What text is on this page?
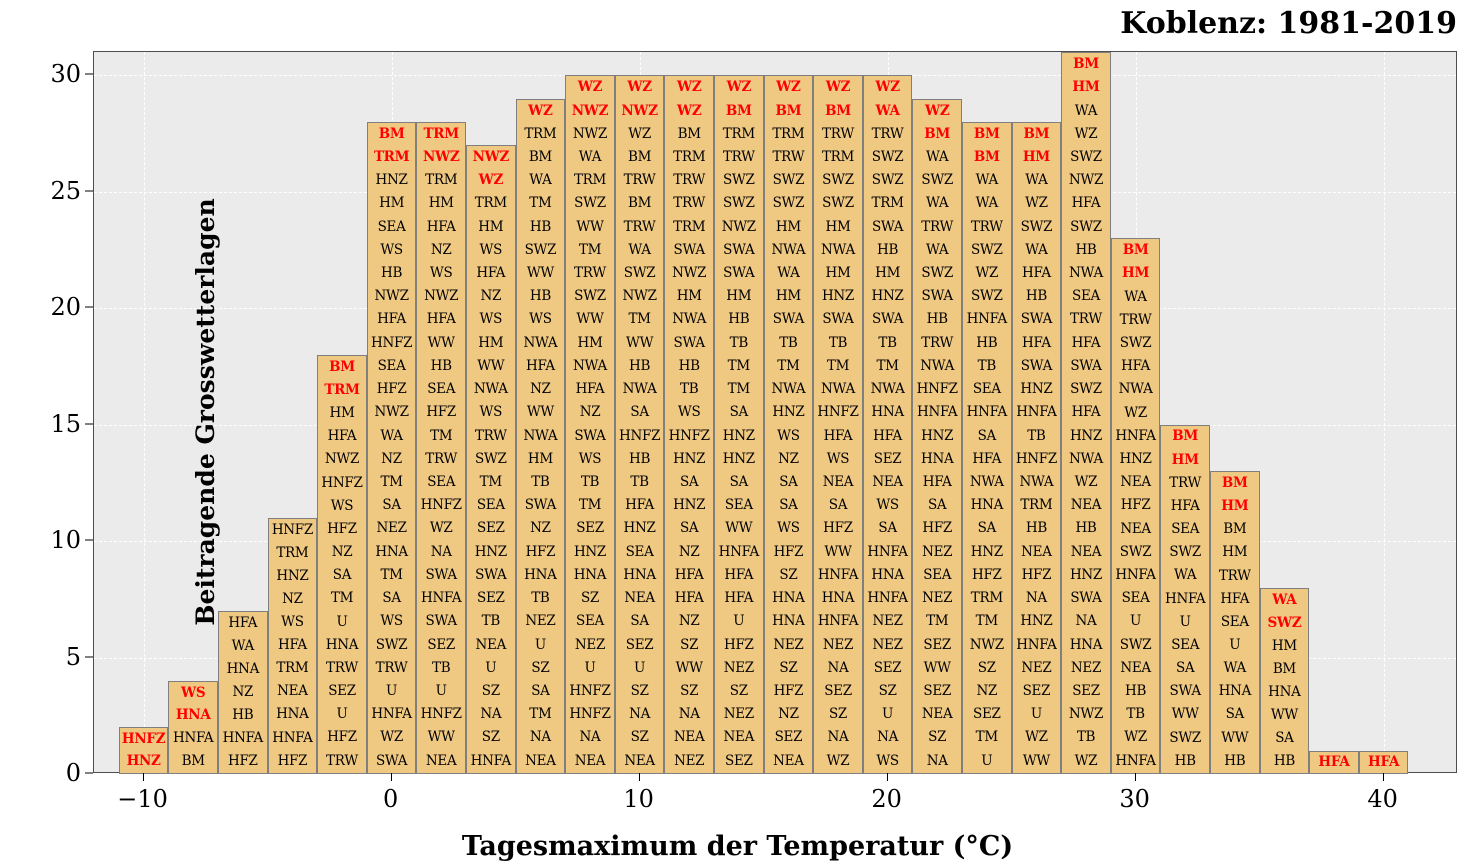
Koblenz: 1981-2019
HNZ
HNFZ
BM
HNFA
HNA
WS
HFZ
HNFA
HB
NZ
HNA
WA
HFA
HFZ
HNFA
HNA
NEA
TRM
HFA
WS
NZ
HNZ
TRM
HNFZ
TRW
HFZ
U
SEZ
TRW
HNA
U
TM
SA
NZ
HFZ
WS
HNFZ
NWZ
HFA
HM
TRM
BM
SWA
WZ
HNFA
U
TRW
SWZ
WS
SA
TM
HNA
NEZ
SA
TM
NZ
WA
NWZ
HFZ
SEA
HNFZ
HFA
NWZ
HB
WS
SEA
HM
HNZ
TRM
BM
NEA
WW
HNFZ
U
TB
SEZ
SWA
HNFA
SWA
NA
WZ
HNFZ
SEA
TRW
TM
HFZ
SEA
HB
WW
HFA
NWZ
WS
NZ
HFA
HM
TRM
NWZ
TRM
HNFA
SZ
NA
SZ
U
NEA
TB
SEZ
SWA
HNZ
SEZ
SEA
TM
SWZ
TRW
WS
NWA
WW
HM
WS
NZ
HFA
WS
HM
TRM
WZ
NWZ
NEA
NA
TM
SA
SZ
U
NEZ
TB
HNA
HFZ
NZ
SWA
TB
HM
NWA
WW
NZ
HFA
NWA
WS
HB
WW
SWZ
HB
TM
WA
BM
TRM
WZ
NEA
NA
HNFZ
HNFZ
U
NEZ
SEA
SZ
HNA
HNZ
SEZ
TM
TB
WS
SWA
NZ
HFA
NWA
HM
WW
SWZ
TRW
TM
WW
SWZ
TRM
WA
NWZ
NWZ
WZ
NEA
SZ
NA
SZ
U
SEZ
SA
NEA
HNA
SEA
HNZ
HFA
TB
HB
HNFZ
SA
NWA
HB
WW
TM
NWZ
SWZ
WA
TRW
BM
TRW
BM
WZ
NWZ
WZ
NEZ
NEA
NA
SZ
WW
SZ
NZ
HFA
HFA
NZ
SA
HNZ
SA
HNZ
HNFZ
WS
TB
HB
SWA
NWA
HM
NWZ
SWA
TRM
TRW
TRW
TRM
BM
WZ
WZ
SEZ
NEA
NEZ
SZ
NEZ
HFZ
U
HFA
HFA
HNFA
WW
SEA
SA
HNZ
HNZ
SA
TM
TM
TB
HB
HM
SWA
SWA
NWZ
SWZ
SWZ
TRW
TRM
BM
WZ
NEA
SEZ
NZ
HFZ
SZ
NEZ
HNA
HNA
SZ
HFZ
WS
SA
SA
NZ
WS
HNZ
NWA
TM
TB
SWA
HM
WA
NWA
HM
SWZ
SWZ
TRW
TRM
BM
WZ
WZ
NA
SZ
SEZ
NA
NEZ
HNFA
HNA
HNFA
WW
HFZ
SA
NEA
WS
HFA
HNFZ
NWA
TM
TB
SWA
HNZ
HM
NWA
HM
SWZ
SWZ
TRM
TRW
BM
WZ
WS
NA
U
SZ
SEZ
NEZ
NEZ
HNFA
HNA
HNFA
SA
WS
NEA
SEZ
HFA
HNA
NWA
TM
TB
SWA
HNZ
HM
HB
SWA
TRM
SWZ
SWZ
TRW
WA
WZ
NA
SZ
NEA
SEZ
WW
SEZ
TM
NEZ
SEA
NEZ
HFZ
SA
HFA
HNA
HNZ
HNFA
HNFZ
NWA
TRW
HB
SWA
SWZ
WA
TRW
WA
SWZ
WA
BM
WZ
U
TM
SEZ
NZ
SZ
NWZ
TM
TRM
HFZ
HNZ
SA
HNA
NWA
HFA
SA
HNFA
SEA
TB
HB
HNFA
SWZ
WZ
SWZ
TRW
WA
WA
BM
BM
WW
WZ
U
SEZ
NEZ
HNFA
HNZ
NA
HFZ
NEA
HB
TRM
NWA
HNFZ
TB
HNFA
HNZ
SWA
HFA
SWA
HB
HFA
WA
SWZ
WZ
WA
HM
BM
WZ
TB
NWZ
SEZ
NEZ
HNA
NA
SWA
HNZ
NEA
HB
NEA
WZ
NWA
HNZ
HFA
SWZ
SWA
HFA
TRW
SEA
NWA
HB
SWZ
HFA
NWZ
SWZ
WZ
WA
HM
BM
HNFA
WZ
TB
HB
NEA
SWZ
U
SEA
HNFA
SWZ
NEA
HFZ
NEA
HNZ
HNFA
WZ
NWA
HFA
SWZ
TRW
WA
HM
BM
HB
SWZ
WW
SWA
SA
SEA
U
HNFA
WA
SWZ
SEA
HFA
TRW
HM
BM
HB
WW
SA
HNA
WA
U
SEA
HFA
TRW
HM
BM
HM
BM
HB
SA
WW
HNA
BM
HM
SWZ
WA
HFA	HFA
Beitragende Grosswetterlagen
Tagesmaximum der Temperatur (°C)
0
5
10
15
20
25
30
−10	0	10	20	30	40
